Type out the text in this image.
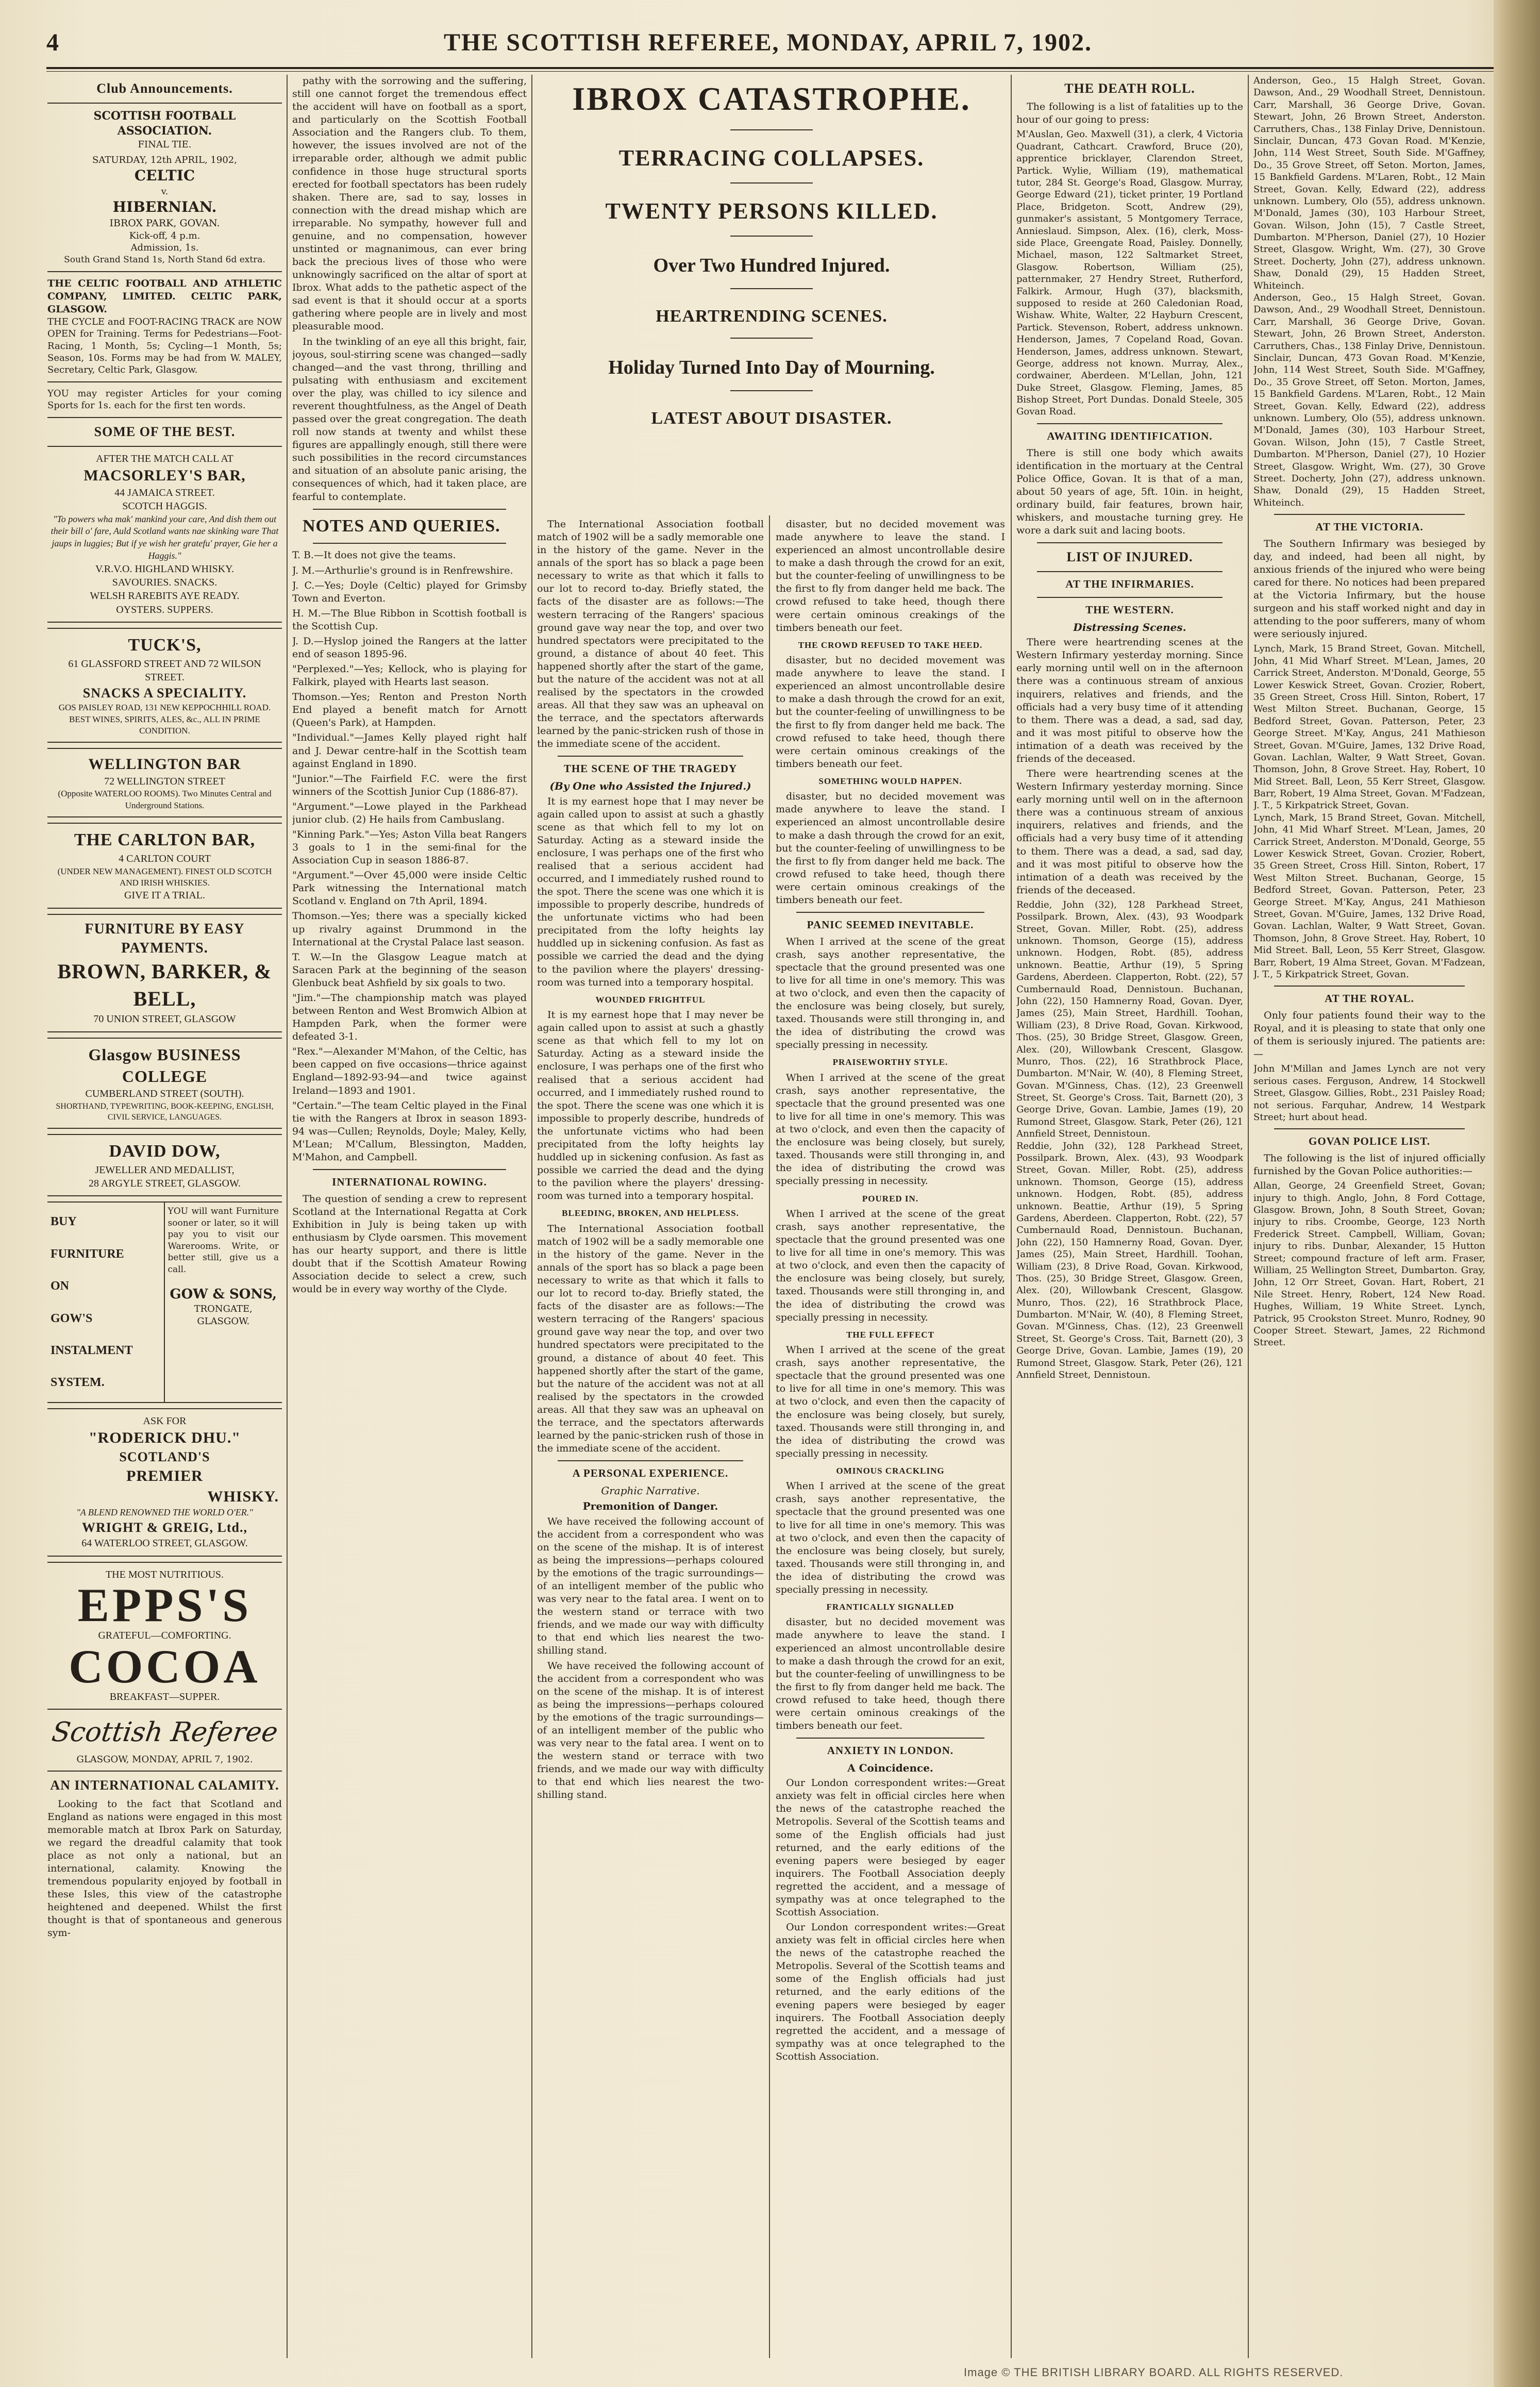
4	THE SCOTTISH REFEREE, MONDAY, APRIL 7, 1902.
Club Announcements.
SCOTTISH FOOTBALL ASSOCIATION.
FINAL TIE.
SATURDAY, 12th APRIL, 1902,
CELTIC
v.
HIBERNIAN.
IBROX PARK, GOVAN.
Kick-off, 4 p.m.
Admission, 1s.
South Grand Stand 1s, North Stand 6d extra.
THE CELTIC FOOTBALL AND ATHLETIC COMPANY, LIMITED. CELTIC PARK, GLASGOW.
THE CYCLE and FOOT-RACING TRACK are NOW OPEN for Training. Terms for Pedestrians—Foot-Racing, 1 Month, 5s; Cycling—1 Month, 5s; Season, 10s. Forms may be had from W. MALEY, Secretary, Celtic Park, Glasgow.
YOU may register Articles for your coming Sports for 1s. each for the first ten words.
SOME OF THE BEST.
AFTER THE MATCH CALL AT
MACSORLEY'S BAR,
44 JAMAICA STREET.
SCOTCH HAGGIS.
"To powers wha mak' mankind your care, And dish them out their bill o' fare, Auld Scotland wants nae skinking ware That jaups in luggies; But if ye wish her gratefu' prayer, Gie her a Haggis."
V.R.V.O. HIGHLAND WHISKY.
SAVOURIES. SNACKS.
WELSH RAREBITS AYE READY.
OYSTERS. SUPPERS.
TUCK'S,
61 GLASSFORD STREET AND 72 WILSON STREET.
SNACKS A SPECIALITY.
GOS PAISLEY ROAD, 131 NEW KEPPOCHHILL ROAD. BEST WINES, SPIRITS, ALES, &c., ALL IN PRIME CONDITION.
WELLINGTON BAR
72 WELLINGTON STREET
(Opposite WATERLOO ROOMS). Two Minutes Central and Underground Stations.
THE CARLTON BAR,
4 CARLTON COURT
(UNDER NEW MANAGEMENT). FINEST OLD SCOTCH AND IRISH WHISKIES.
GIVE IT A TRIAL.
FURNITURE BY EASY PAYMENTS.
BROWN, BARKER, & BELL,
70 UNION STREET, GLASGOW
Glasgow BUSINESS COLLEGE
CUMBERLAND STREET (SOUTH).
SHORTHAND, TYPEWRITING, BOOK-KEEPING, ENGLISH, CIVIL SERVICE, LANGUAGES.
DAVID DOW,
JEWELLER AND MEDALLIST,
28 ARGYLE STREET, GLASGOW.
BUY
FURNITURE
ON
GOW'S
INSTALMENT
SYSTEM.
YOU will want Furniture sooner or later, so it will pay you to visit our Warerooms. Write, or better still, give us a call.
GOW & SONS,
TRONGATE, GLASGOW.
ASK FOR
"RODERICK DHU."
SCOTLAND'S
PREMIER
WHISKY.
"A BLEND RENOWNED THE WORLD O'ER."
WRIGHT & GREIG, Ltd.,
64 WATERLOO STREET, GLASGOW.
THE MOST NUTRITIOUS.
EPPS'S
GRATEFUL—COMFORTING.
COCOA
BREAKFAST—SUPPER.
Scottish Referee
GLASGOW, MONDAY, APRIL 7, 1902.
AN INTERNATIONAL CALAMITY.
Looking to the fact that Scotland and England as nations were engaged in this most memorable match at Ibrox Park on Saturday, we regard the dreadful calamity that took place as not only a national, but an international, calamity. Knowing the tremendous popularity enjoyed by football in these Isles, this view of the catastrophe heightened and deepened. Whilst the first thought is that of spontaneous and generous sym-
pathy with the sorrowing and the suffering, still one cannot forget the tremendous effect the accident will have on football as a sport, and particularly on the Scottish Football Association and the Rangers club. To them, however, the issues involved are not of the irreparable order, although we admit public confidence in those huge structural sports erected for football spectators has been rudely shaken. There are, sad to say, losses in connection with the dread mishap which are irreparable. No sympathy, however full and genuine, and no compensation, however unstinted or magnanimous, can ever bring back the precious lives of those who were unknowingly sacrificed on the altar of sport at Ibrox. What adds to the pathetic aspect of the sad event is that it should occur at a sports gathering where people are in lively and most pleasurable mood.
In the twinkling of an eye all this bright, fair, joyous, soul-stirring scene was changed—sadly changed—and the vast throng, thrilling and pulsating with enthusiasm and excitement over the play, was chilled to icy silence and reverent thoughtfulness, as the Angel of Death passed over the great congregation. The death roll now stands at twenty and whilst these figures are appallingly enough, still there were such possibilities in the record circumstances and situation of an absolute panic arising, the consequences of which, had it taken place, are fearful to contemplate.
NOTES AND QUERIES.
T. B.—It does not give the teams.
J. M.—Arthurlie's ground is in Renfrewshire.
J. C.—Yes; Doyle (Celtic) played for Grimsby Town and Everton.
H. M.—The Blue Ribbon in Scottish football is the Scottish Cup.
J. D.—Hyslop joined the Rangers at the latter end of season 1895-96.
"Perplexed."—Yes; Kellock, who is playing for Falkirk, played with Hearts last season.
Thomson.—Yes; Renton and Preston North End played a benefit match for Arnott (Queen's Park), at Hampden.
"Individual."—James Kelly played right half and J. Dewar centre-half in the Scottish team against England in 1890.
"Junior."—The Fairfield F.C. were the first winners of the Scottish Junior Cup (1886-87).
"Argument."—Lowe played in the Parkhead junior club. (2) He hails from Cambuslang.
"Kinning Park."—Yes; Aston Villa beat Rangers 3 goals to 1 in the semi-final for the Association Cup in season 1886-87.
"Argument."—Over 45,000 were inside Celtic Park witnessing the International match Scotland v. England on 7th April, 1894.
Thomson.—Yes; there was a specially kicked up rivalry against Drummond in the International at the Crystal Palace last season.
T. W.—In the Glasgow League match at Saracen Park at the beginning of the season Glenbuck beat Ashfield by six goals to two.
"Jim."—The championship match was played between Renton and West Bromwich Albion at Hampden Park, when the former were defeated 3-1.
"Rex."—Alexander M'Mahon, of the Celtic, has been capped on five occasions—thrice against England—1892-93-94—and twice against Ireland—1893 and 1901.
"Certain."—The team Celtic played in the Final tie with the Rangers at Ibrox in season 1893-94 was—Cullen; Reynolds, Doyle; Maley, Kelly, M'Lean; M'Callum, Blessington, Madden, M'Mahon, and Campbell.
INTERNATIONAL ROWING.
The question of sending a crew to represent Scotland at the International Regatta at Cork Exhibition in July is being taken up with enthusiasm by Clyde oarsmen. This movement has our hearty support, and there is little doubt that if the Scottish Amateur Rowing Association decide to select a crew, such would be in every way worthy of the Clyde.
IBROX CATASTROPHE.
TERRACING COLLAPSES.
TWENTY PERSONS KILLED.
Over Two Hundred Injured.
HEARTRENDING SCENES.
Holiday Turned Into Day of Mourning.
LATEST ABOUT DISASTER.
The International Association football match of 1902 will be a sadly memorable one in the history of the game. Never in the annals of the sport has so black a page been necessary to write as that which it falls to our lot to record to-day. Briefly stated, the facts of the disaster are as follows:—The western terracing of the Rangers' spacious ground gave way near the top, and over two hundred spectators were precipitated to the ground, a distance of about 40 feet. This happened shortly after the start of the game, but the nature of the accident was not at all realised by the spectators in the crowded areas. All that they saw was an upheaval on the terrace, and the spectators afterwards learned by the panic-stricken rush of those in the immediate scene of the accident.
THE SCENE OF THE TRAGEDY
(By One who Assisted the Injured.)
It is my earnest hope that I may never be again called upon to assist at such a ghastly scene as that which fell to my lot on Saturday. Acting as a steward inside the enclosure, I was perhaps one of the first who realised that a serious accident had occurred, and I immediately rushed round to the spot. There the scene was one which it is impossible to properly describe, hundreds of the unfortunate victims who had been precipitated from the lofty heights lay huddled up in sickening confusion. As fast as possible we carried the dead and the dying to the pavilion where the players' dressing-room was turned into a temporary hospital.
WOUNDED FRIGHTFUL
It is my earnest hope that I may never be again called upon to assist at such a ghastly scene as that which fell to my lot on Saturday. Acting as a steward inside the enclosure, I was perhaps one of the first who realised that a serious accident had occurred, and I immediately rushed round to the spot. There the scene was one which it is impossible to properly describe, hundreds of the unfortunate victims who had been precipitated from the lofty heights lay huddled up in sickening confusion. As fast as possible we carried the dead and the dying to the pavilion where the players' dressing-room was turned into a temporary hospital.
BLEEDING, BROKEN, AND HELPLESS.
The International Association football match of 1902 will be a sadly memorable one in the history of the game. Never in the annals of the sport has so black a page been necessary to write as that which it falls to our lot to record to-day. Briefly stated, the facts of the disaster are as follows:—The western terracing of the Rangers' spacious ground gave way near the top, and over two hundred spectators were precipitated to the ground, a distance of about 40 feet. This happened shortly after the start of the game, but the nature of the accident was not at all realised by the spectators in the crowded areas. All that they saw was an upheaval on the terrace, and the spectators afterwards learned by the panic-stricken rush of those in the immediate scene of the accident.
A PERSONAL EXPERIENCE.
Graphic Narrative.
Premonition of Danger.
We have received the following account of the accident from a correspondent who was on the scene of the mishap. It is of interest as being the impressions—perhaps coloured by the emotions of the tragic surroundings—of an intelligent member of the public who was very near to the fatal area. I went on to the western stand or terrace with two friends, and we made our way with difficulty to that end which lies nearest the two-shilling stand.
We have received the following account of the accident from a correspondent who was on the scene of the mishap. It is of interest as being the impressions—perhaps coloured by the emotions of the tragic surroundings—of an intelligent member of the public who was very near to the fatal area. I went on to the western stand or terrace with two friends, and we made our way with difficulty to that end which lies nearest the two-shilling stand.
disaster, but no decided movement was made anywhere to leave the stand. I experienced an almost uncontrollable desire to make a dash through the crowd for an exit, but the counter-feeling of unwillingness to be the first to fly from danger held me back. The crowd refused to take heed, though there were certain ominous creakings of the timbers beneath our feet.
THE CROWD REFUSED TO TAKE HEED.
disaster, but no decided movement was made anywhere to leave the stand. I experienced an almost uncontrollable desire to make a dash through the crowd for an exit, but the counter-feeling of unwillingness to be the first to fly from danger held me back. The crowd refused to take heed, though there were certain ominous creakings of the timbers beneath our feet.
SOMETHING WOULD HAPPEN.
disaster, but no decided movement was made anywhere to leave the stand. I experienced an almost uncontrollable desire to make a dash through the crowd for an exit, but the counter-feeling of unwillingness to be the first to fly from danger held me back. The crowd refused to take heed, though there were certain ominous creakings of the timbers beneath our feet.
PANIC SEEMED INEVITABLE.
When I arrived at the scene of the great crash, says another representative, the spectacle that the ground presented was one to live for all time in one's memory. This was at two o'clock, and even then the capacity of the enclosure was being closely, but surely, taxed. Thousands were still thronging in, and the idea of distributing the crowd was specially pressing in necessity.
PRAISEWORTHY STYLE.
When I arrived at the scene of the great crash, says another representative, the spectacle that the ground presented was one to live for all time in one's memory. This was at two o'clock, and even then the capacity of the enclosure was being closely, but surely, taxed. Thousands were still thronging in, and the idea of distributing the crowd was specially pressing in necessity.
POURED IN.
When I arrived at the scene of the great crash, says another representative, the spectacle that the ground presented was one to live for all time in one's memory. This was at two o'clock, and even then the capacity of the enclosure was being closely, but surely, taxed. Thousands were still thronging in, and the idea of distributing the crowd was specially pressing in necessity.
THE FULL EFFECT
When I arrived at the scene of the great crash, says another representative, the spectacle that the ground presented was one to live for all time in one's memory. This was at two o'clock, and even then the capacity of the enclosure was being closely, but surely, taxed. Thousands were still thronging in, and the idea of distributing the crowd was specially pressing in necessity.
OMINOUS CRACKLING
When I arrived at the scene of the great crash, says another representative, the spectacle that the ground presented was one to live for all time in one's memory. This was at two o'clock, and even then the capacity of the enclosure was being closely, but surely, taxed. Thousands were still thronging in, and the idea of distributing the crowd was specially pressing in necessity.
FRANTICALLY SIGNALLED
disaster, but no decided movement was made anywhere to leave the stand. I experienced an almost uncontrollable desire to make a dash through the crowd for an exit, but the counter-feeling of unwillingness to be the first to fly from danger held me back. The crowd refused to take heed, though there were certain ominous creakings of the timbers beneath our feet.
ANXIETY IN LONDON.
A Coincidence.
Our London correspondent writes:—Great anxiety was felt in official circles here when the news of the catastrophe reached the Metropolis. Several of the Scottish teams and some of the English officials had just returned, and the early editions of the evening papers were besieged by eager inquirers. The Football Association deeply regretted the accident, and a message of sympathy was at once telegraphed to the Scottish Association.
Our London correspondent writes:—Great anxiety was felt in official circles here when the news of the catastrophe reached the Metropolis. Several of the Scottish teams and some of the English officials had just returned, and the early editions of the evening papers were besieged by eager inquirers. The Football Association deeply regretted the accident, and a message of sympathy was at once telegraphed to the Scottish Association.
THE DEATH ROLL.
The following is a list of fatalities up to the hour of our going to press:
M'Auslan, Geo. Maxwell (31), a clerk, 4 Victoria Quadrant, Cathcart. Crawford, Bruce (20), apprentice bricklayer, Clarendon Street, Partick. Wylie, William (19), mathematical tutor, 284 St. George's Road, Glasgow. Murray, George Edward (21), ticket printer, 19 Portland Place, Bridgeton. Scott, Andrew (29), gunmaker's assistant, 5 Montgomery Terrace, Annieslaud. Simpson, Alex. (16), clerk, Moss-side Place, Greengate Road, Paisley. Donnelly, Michael, mason, 122 Saltmarket Street, Glasgow. Robertson, William (25), patternmaker, 27 Hendry Street, Rutherford, Falkirk. Armour, Hugh (37), blacksmith, supposed to reside at 260 Caledonian Road, Wishaw. White, Walter, 22 Hayburn Crescent, Partick. Stevenson, Robert, address unknown. Henderson, James, 7 Copeland Road, Govan. Henderson, James, address unknown. Stewart, George, address not known. Murray, Alex., cordwainer, Aberdeen. M'Lellan, John, 121 Duke Street, Glasgow. Fleming, James, 85 Bishop Street, Port Dundas. Donald Steele, 305 Govan Road.
AWAITING IDENTIFICATION.
There is still one body which awaits identification in the mortuary at the Central Police Office, Govan. It is that of a man, about 50 years of age, 5ft. 10in. in height, ordinary build, fair features, brown hair, whiskers, and moustache turning grey. He wore a dark suit and lacing boots.
LIST OF INJURED.
AT THE INFIRMARIES.
THE WESTERN.
Distressing Scenes.
There were heartrending scenes at the Western Infirmary yesterday morning. Since early morning until well on in the afternoon there was a continuous stream of anxious inquirers, relatives and friends, and the officials had a very busy time of it attending to them. There was a dead, a sad, sad day, and it was most pitiful to observe how the intimation of a death was received by the friends of the deceased.
There were heartrending scenes at the Western Infirmary yesterday morning. Since early morning until well on in the afternoon there was a continuous stream of anxious inquirers, relatives and friends, and the officials had a very busy time of it attending to them. There was a dead, a sad, sad day, and it was most pitiful to observe how the intimation of a death was received by the friends of the deceased.
Reddie, John (32), 128 Parkhead Street, Possilpark. Brown, Alex. (43), 93 Woodpark Street, Govan. Miller, Robt. (25), address unknown. Thomson, George (15), address unknown. Hodgen, Robt. (85), address unknown. Beattie, Arthur (19), 5 Spring Gardens, Aberdeen. Clapperton, Robt. (22), 57 Cumbernauld Road, Dennistoun. Buchanan, John (22), 150 Hamnerny Road, Govan. Dyer, James (25), Main Street, Hardhill. Toohan, William (23), 8 Drive Road, Govan. Kirkwood, Thos. (25), 30 Bridge Street, Glasgow. Green, Alex. (20), Willowbank Crescent, Glasgow. Munro, Thos. (22), 16 Strathbrock Place, Dumbarton. M'Nair, W. (40), 8 Fleming Street, Govan. M'Ginness, Chas. (12), 23 Greenwell Street, St. George's Cross. Tait, Barnett (20), 3 George Drive, Govan. Lambie, James (19), 20 Rumond Street, Glasgow. Stark, Peter (26), 121 Annfield Street, Dennistoun.
Reddie, John (32), 128 Parkhead Street, Possilpark. Brown, Alex. (43), 93 Woodpark Street, Govan. Miller, Robt. (25), address unknown. Thomson, George (15), address unknown. Hodgen, Robt. (85), address unknown. Beattie, Arthur (19), 5 Spring Gardens, Aberdeen. Clapperton, Robt. (22), 57 Cumbernauld Road, Dennistoun. Buchanan, John (22), 150 Hamnerny Road, Govan. Dyer, James (25), Main Street, Hardhill. Toohan, William (23), 8 Drive Road, Govan. Kirkwood, Thos. (25), 30 Bridge Street, Glasgow. Green, Alex. (20), Willowbank Crescent, Glasgow. Munro, Thos. (22), 16 Strathbrock Place, Dumbarton. M'Nair, W. (40), 8 Fleming Street, Govan. M'Ginness, Chas. (12), 23 Greenwell Street, St. George's Cross. Tait, Barnett (20), 3 George Drive, Govan. Lambie, James (19), 20 Rumond Street, Glasgow. Stark, Peter (26), 121 Annfield Street, Dennistoun.
Anderson, Geo., 15 Halgh Street, Govan. Dawson, And., 29 Woodhall Street, Dennistoun. Carr, Marshall, 36 George Drive, Govan. Stewart, John, 26 Brown Street, Anderston. Carruthers, Chas., 138 Finlay Drive, Dennistoun. Sinclair, Duncan, 473 Govan Road. M'Kenzie, John, 114 West Street, South Side. M'Gaffney, Do., 35 Grove Street, off Seton. Morton, James, 15 Bankfield Gardens. M'Laren, Robt., 12 Main Street, Govan. Kelly, Edward (22), address unknown. Lumbery, Olo (55), address unknown. M'Donald, James (30), 103 Harbour Street, Govan. Wilson, John (15), 7 Castle Street, Dumbarton. M'Pherson, Daniel (27), 10 Hozier Street, Glasgow. Wright, Wm. (27), 30 Grove Street. Docherty, John (27), address unknown. Shaw, Donald (29), 15 Hadden Street, Whiteinch.
Anderson, Geo., 15 Halgh Street, Govan. Dawson, And., 29 Woodhall Street, Dennistoun. Carr, Marshall, 36 George Drive, Govan. Stewart, John, 26 Brown Street, Anderston. Carruthers, Chas., 138 Finlay Drive, Dennistoun. Sinclair, Duncan, 473 Govan Road. M'Kenzie, John, 114 West Street, South Side. M'Gaffney, Do., 35 Grove Street, off Seton. Morton, James, 15 Bankfield Gardens. M'Laren, Robt., 12 Main Street, Govan. Kelly, Edward (22), address unknown. Lumbery, Olo (55), address unknown. M'Donald, James (30), 103 Harbour Street, Govan. Wilson, John (15), 7 Castle Street, Dumbarton. M'Pherson, Daniel (27), 10 Hozier Street, Glasgow. Wright, Wm. (27), 30 Grove Street. Docherty, John (27), address unknown. Shaw, Donald (29), 15 Hadden Street, Whiteinch.
AT THE VICTORIA.
The Southern Infirmary was besieged by day, and indeed, had been all night, by anxious friends of the injured who were being cared for there. No notices had been prepared at the Victoria Infirmary, but the house surgeon and his staff worked night and day in attending to the poor sufferers, many of whom were seriously injured.
Lynch, Mark, 15 Brand Street, Govan. Mitchell, John, 41 Mid Wharf Street. M'Lean, James, 20 Carrick Street, Anderston. M'Donald, George, 55 Lower Keswick Street, Govan. Crozier, Robert, 35 Green Street, Cross Hill. Sinton, Robert, 17 West Milton Street. Buchanan, George, 15 Bedford Street, Govan. Patterson, Peter, 23 George Street. M'Kay, Angus, 241 Mathieson Street, Govan. M'Guire, James, 132 Drive Road, Govan. Lachlan, Walter, 9 Watt Street, Govan. Thomson, John, 8 Grove Street. Hay, Robert, 10 Mid Street. Ball, Leon, 55 Kerr Street, Glasgow. Barr, Robert, 19 Alma Street, Govan. M'Fadzean, J. T., 5 Kirkpatrick Street, Govan.
Lynch, Mark, 15 Brand Street, Govan. Mitchell, John, 41 Mid Wharf Street. M'Lean, James, 20 Carrick Street, Anderston. M'Donald, George, 55 Lower Keswick Street, Govan. Crozier, Robert, 35 Green Street, Cross Hill. Sinton, Robert, 17 West Milton Street. Buchanan, George, 15 Bedford Street, Govan. Patterson, Peter, 23 George Street. M'Kay, Angus, 241 Mathieson Street, Govan. M'Guire, James, 132 Drive Road, Govan. Lachlan, Walter, 9 Watt Street, Govan. Thomson, John, 8 Grove Street. Hay, Robert, 10 Mid Street. Ball, Leon, 55 Kerr Street, Glasgow. Barr, Robert, 19 Alma Street, Govan. M'Fadzean, J. T., 5 Kirkpatrick Street, Govan.
AT THE ROYAL.
Only four patients found their way to the Royal, and it is pleasing to state that only one of them is seriously injured. The patients are:—
John M'Millan and James Lynch are not very serious cases. Ferguson, Andrew, 14 Stockwell Street, Glasgow. Gillies, Robt., 231 Paisley Road; not serious. Farquhar, Andrew, 14 Westpark Street; hurt about head.
GOVAN POLICE LIST.
The following is the list of injured officially furnished by the Govan Police authorities:—
Allan, George, 24 Greenfield Street, Govan; injury to thigh. Anglo, John, 8 Ford Cottage, Glasgow. Brown, John, 8 South Street, Govan; injury to ribs. Croombe, George, 123 North Frederick Street. Campbell, William, Govan; injury to ribs. Dunbar, Alexander, 15 Hutton Street; compound fracture of left arm. Fraser, William, 25 Wellington Street, Dumbarton. Gray, John, 12 Orr Street, Govan. Hart, Robert, 21 Nile Street. Henry, Robert, 124 New Road. Hughes, William, 19 White Street. Lynch, Patrick, 95 Crookston Street. Munro, Rodney, 90 Cooper Street. Stewart, James, 22 Richmond Street.
Image © THE BRITISH LIBRARY BOARD. ALL RIGHTS RESERVED.
